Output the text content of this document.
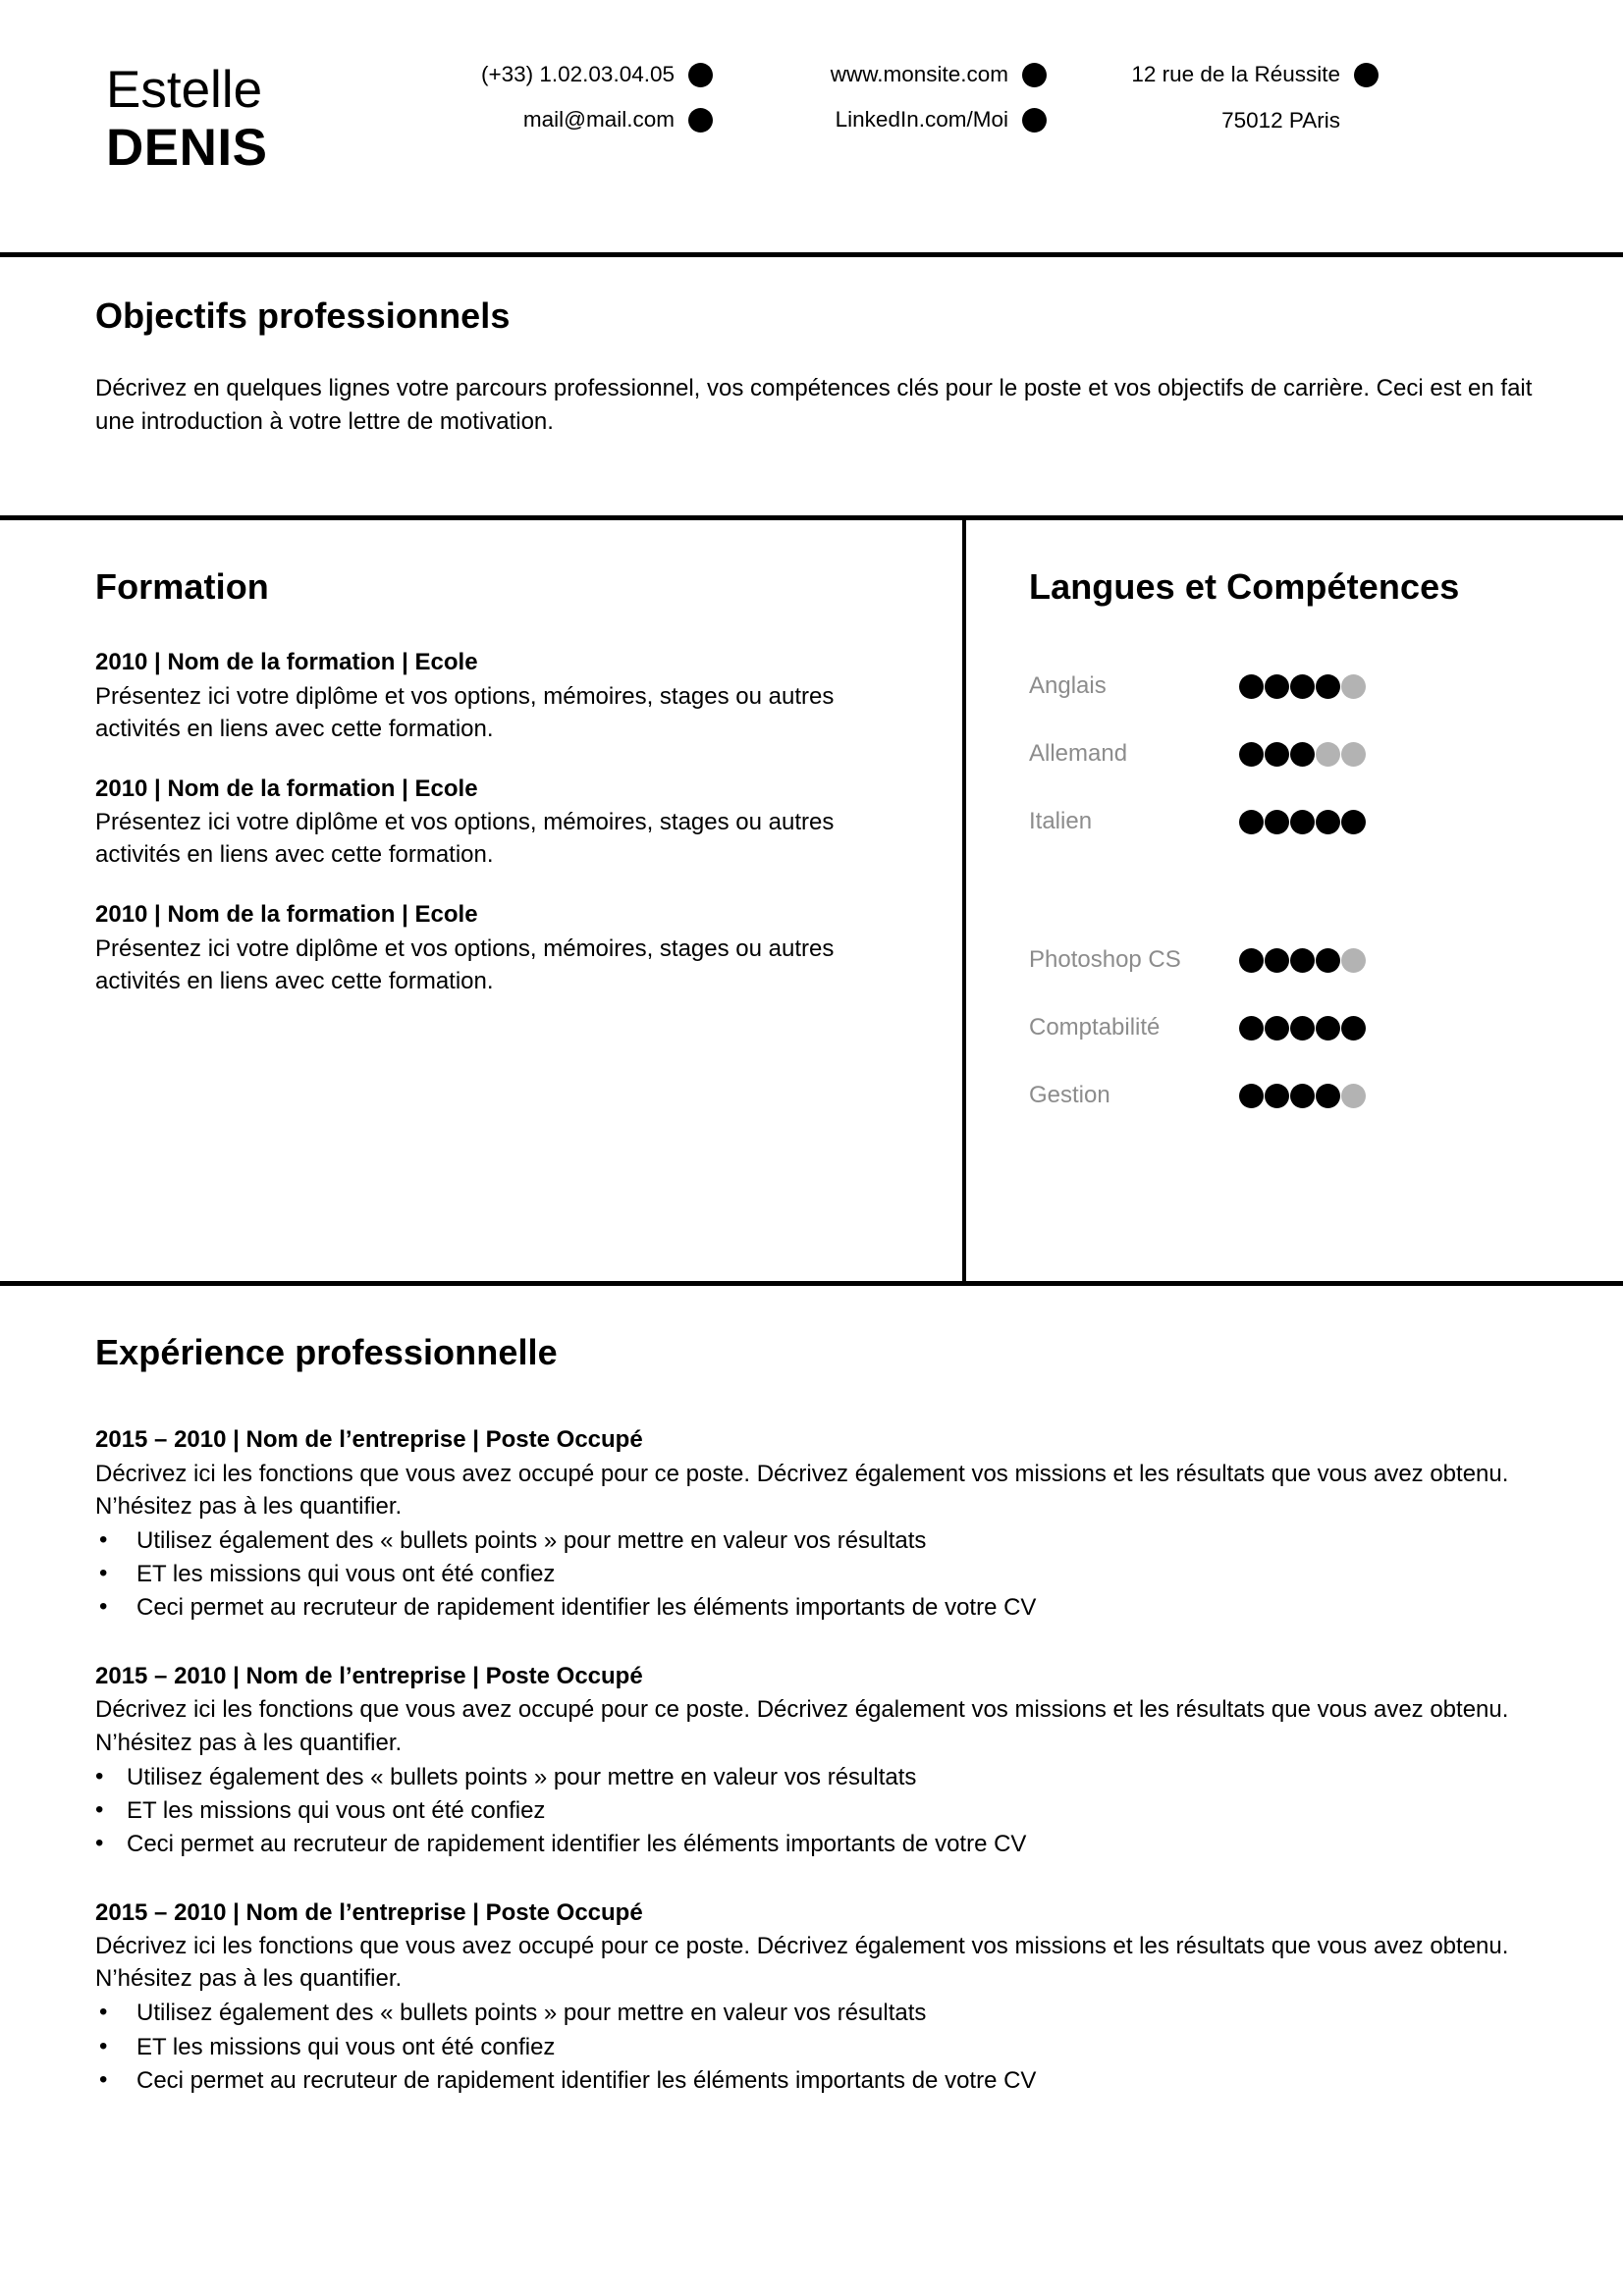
Estelle
DENIS
(+33) 1.02.03.04.05
mail@mail.com
www.monsite.com
LinkedIn.com/Moi
12 rue de la Réussite
75012 PAris
Objectifs professionnels

Décrivez en quelques lignes votre parcours professionnel, vos compétences clés pour le poste et vos objectifs de carrière. Ceci est en fait une introduction à votre lettre de motivation.

Formation
2010 | Nom de la formation | Ecole
Présentez ici votre diplôme et vos options, mémoires, stages ou autres activités en liens avec cette formation.
2010 | Nom de la formation | Ecole
Présentez ici votre diplôme et vos options, mémoires, stages ou autres activités en liens avec cette formation.
2010 | Nom de la formation | Ecole
Présentez ici votre diplôme et vos options, mémoires, stages ou autres activités en liens avec cette formation.
Langues et Compétences
Anglais
Allemand
Italien
Photoshop CS
Comptabilité
Gestion
Expérience professionnelle
2015 – 2010 | Nom de l’entreprise | Poste Occupé
Décrivez ici les fonctions que vous avez occupé pour ce poste. Décrivez également vos missions et les résultats que vous avez obtenu. N’hésitez pas à les quantifier.
• Utilisez également des « bullets points » pour mettre en valeur vos résultats
• ET les missions qui vous ont été confiez
• Ceci permet au recruteur de rapidement identifier les éléments importants de votre CV
2015 – 2010 | Nom de l’entreprise | Poste Occupé
Décrivez ici les fonctions que vous avez occupé pour ce poste. Décrivez également vos missions et les résultats que vous avez obtenu. N’hésitez pas à les quantifier.
• Utilisez également des « bullets points » pour mettre en valeur vos résultats
• ET les missions qui vous ont été confiez
• Ceci permet au recruteur de rapidement identifier les éléments importants de votre CV
2015 – 2010 | Nom de l’entreprise | Poste Occupé
Décrivez ici les fonctions que vous avez occupé pour ce poste. Décrivez également vos missions et les résultats que vous avez obtenu. N’hésitez pas à les quantifier.
• Utilisez également des « bullets points » pour mettre en valeur vos résultats
• ET les missions qui vous ont été confiez
• Ceci permet au recruteur de rapidement identifier les éléments importants de votre CV
